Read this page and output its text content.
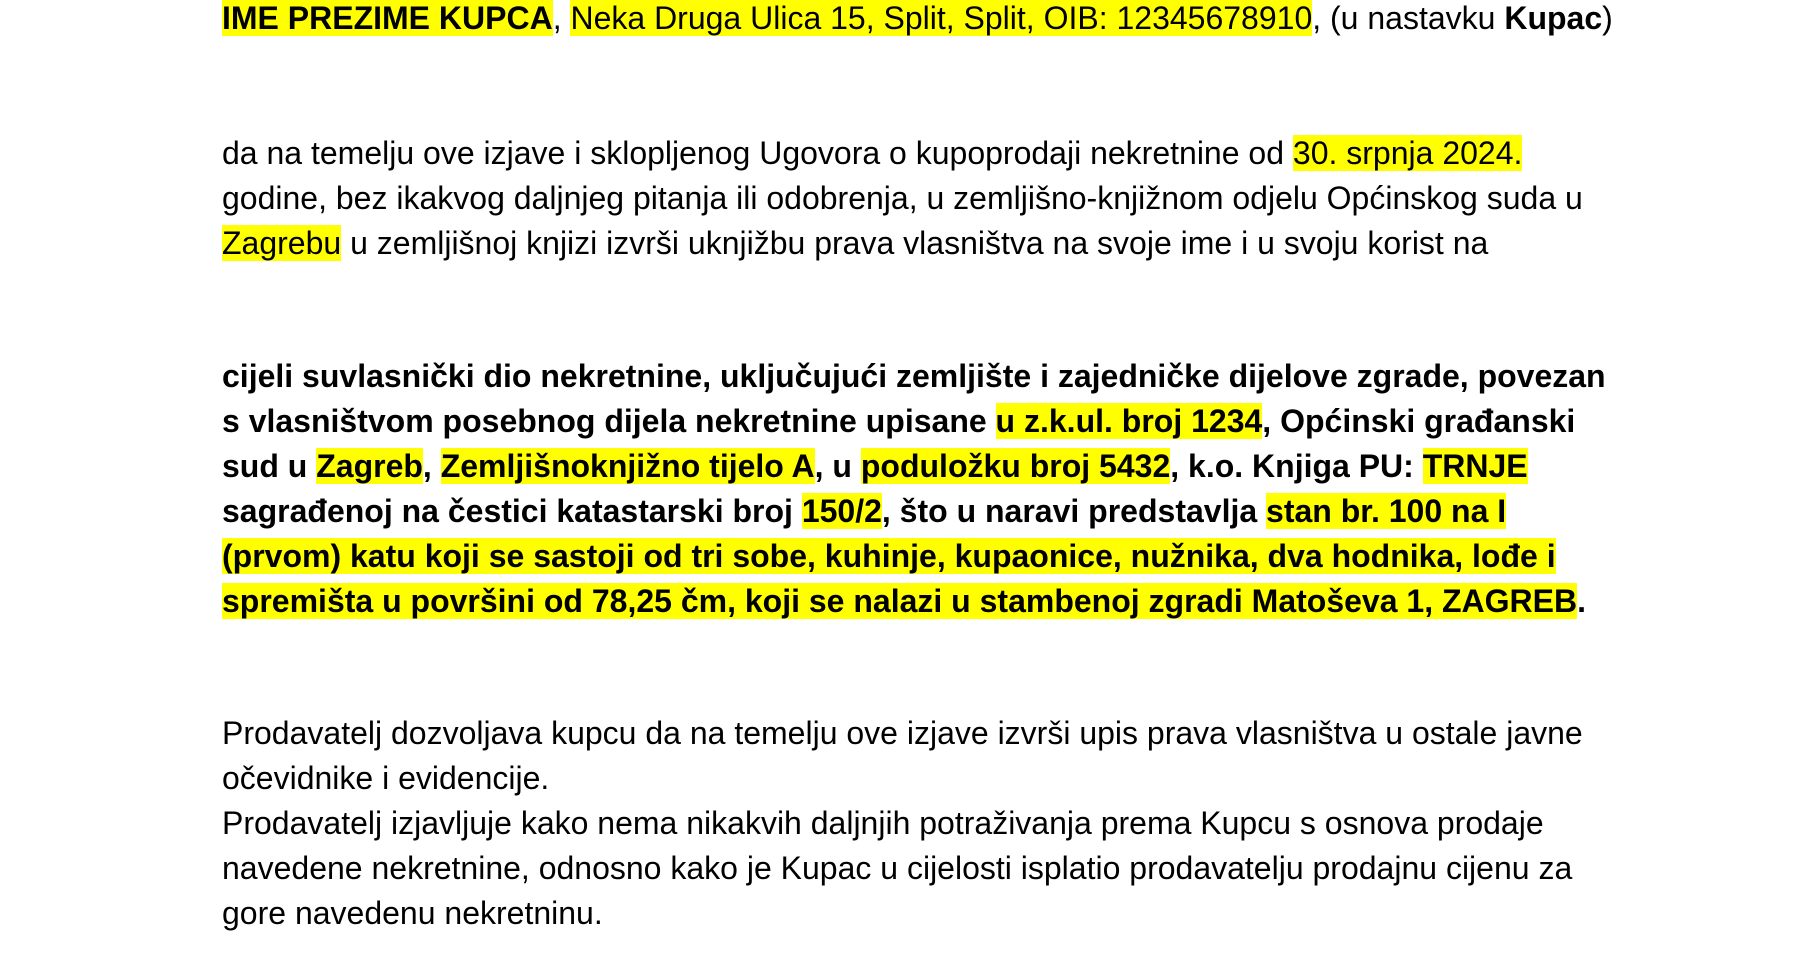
IME PREZIME KUPCA, Neka Druga Ulica 15, Split, Split, OIB: 12345678910, (u nastavku Kupac)

da na temelju ove izjave i sklopljenog Ugovora o kupoprodaji nekretnine od 30. srpnja 2024. godine, bez ikakvog daljnjeg pitanja ili odobrenja, u zemljišno-knjižnom odjelu Općinskog suda u Zagrebu u zemljišnoj knjizi izvrši uknjižbu prava vlasništva na svoje ime i u svoju korist na

cijeli suvlasnički dio nekretnine, uključujući zemljište i zajedničke dijelove zgrade, povezan s vlasništvom posebnog dijela nekretnine upisane u z.k.ul. broj 1234, Općinski građanski sud u Zagreb, Zemljišnoknjižno tijelo A, u poduložku broj 5432, k.o. Knjiga PU: TRNJE sagrađenoj na čestici katastarski broj 150/2, što u naravi predstavlja stan br. 100 na I (prvom) katu koji se sastoji od tri sobe, kuhinje, kupaonice, nužnika, dva hodnika, lođe i spremišta u površini od 78,25 čm, koji se nalazi u stambenoj zgradi Matoševa 1, ZAGREB.

Prodavatelj dozvoljava kupcu da na temelju ove izjave izvrši upis prava vlasništva u ostale javne očevidnike i evidencije.

Prodavatelj izjavljuje kako nema nikakvih daljnjih potraživanja prema Kupcu s osnova prodaje navedene nekretnine, odnosno kako je Kupac u cijelosti isplatio prodavatelju prodajnu cijenu za gore navedenu nekretninu.
